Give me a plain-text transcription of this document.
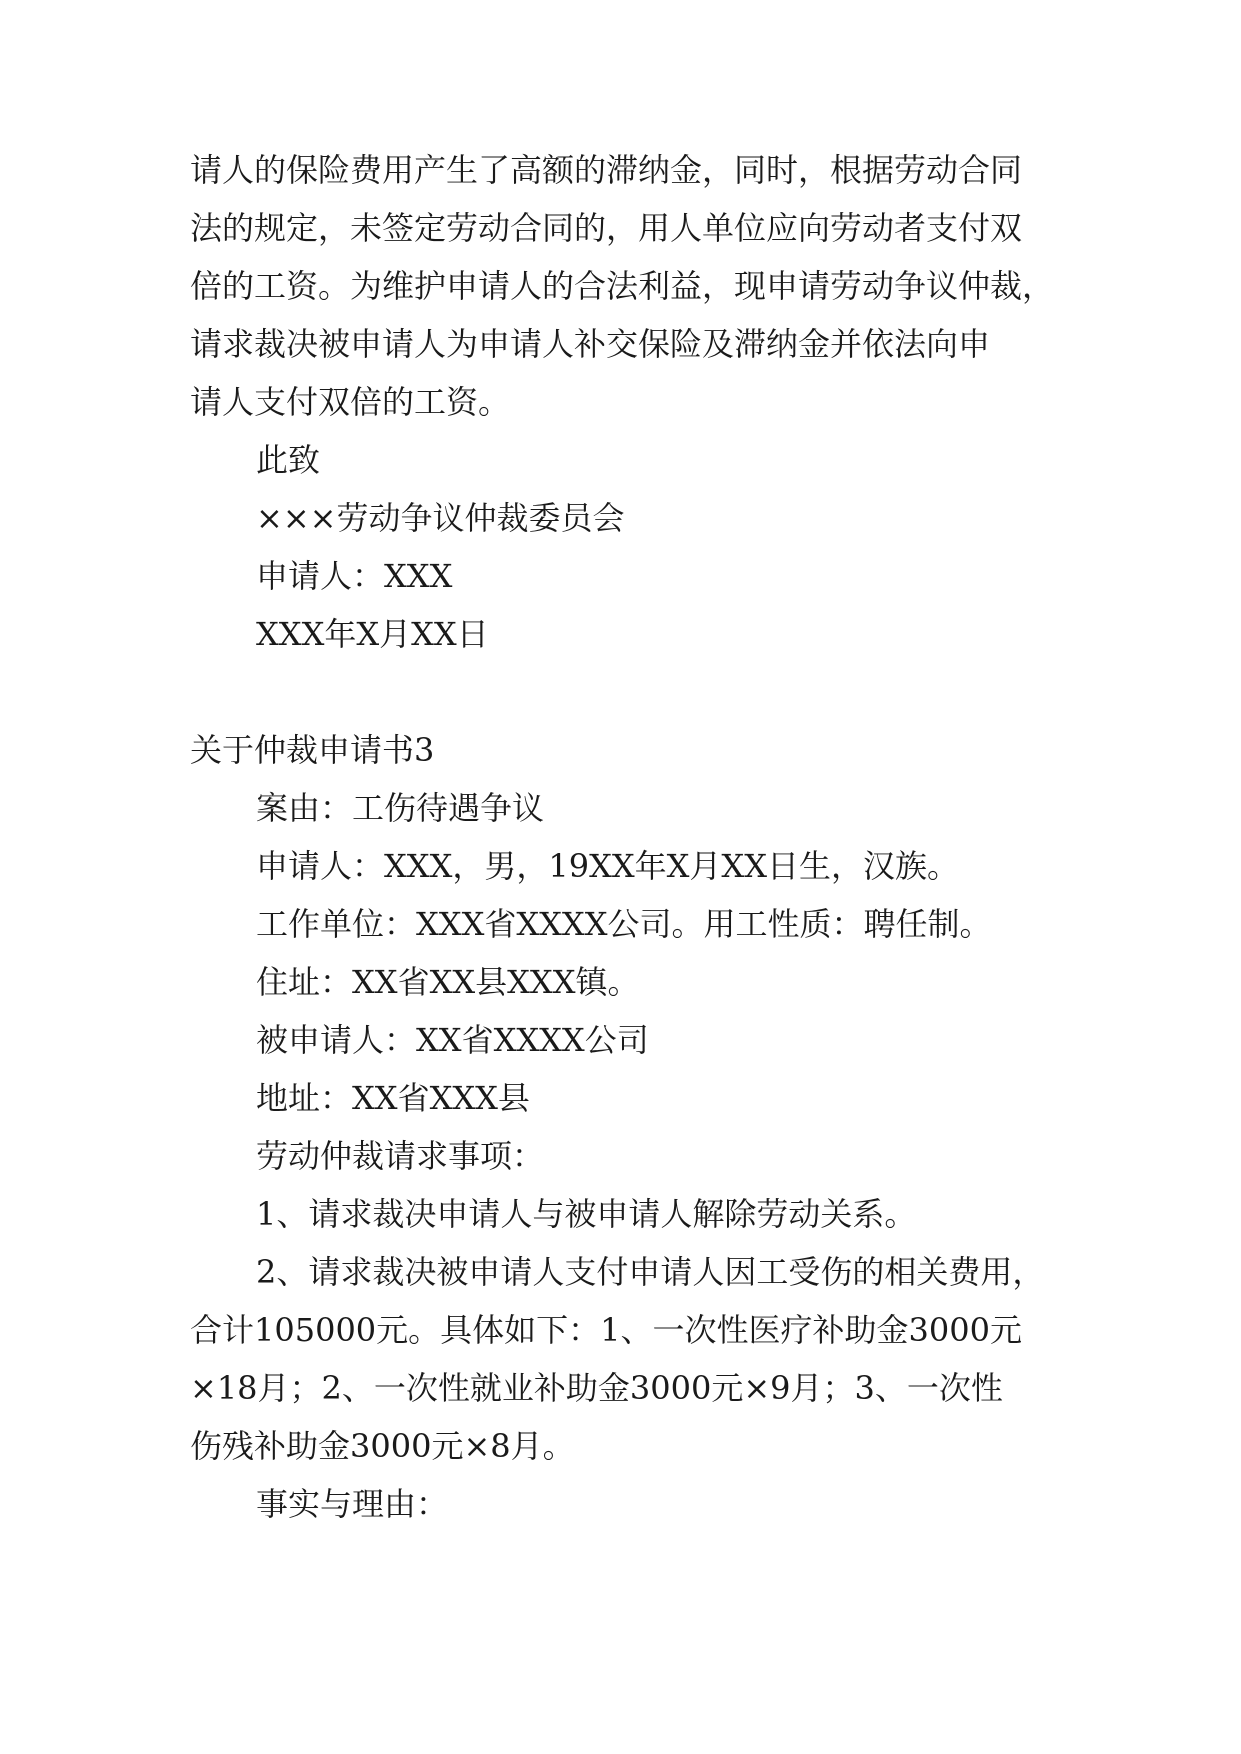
请人的保险费用产生了高额的滞纳金，同时，根据劳动合同

法的规定，未签定劳动合同的，用人单位应向劳动者支付双

倍的工资。为维护申请人的合法利益，现申请劳动争议仲裁，

请求裁决被申请人为申请人补交保险及滞纳金并依法向申

请人支付双倍的工资。

此致

×××劳动争议仲裁委员会

申请人：XXX

XXX年X月XX日

关于仲裁申请书3

案由：工伤待遇争议

申请人：XXX，男，19XX年X月XX日生，汉族。

工作单位：XXX省XXXX公司。用工性质：聘任制。

住址：XX省XX县XXX镇。

被申请人：XX省XXXX公司

地址：XX省XXX县

劳动仲裁请求事项：

1、请求裁决申请人与被申请人解除劳动关系。

2、请求裁决被申请人支付申请人因工受伤的相关费用，

合计105000元。具体如下：1、一次性医疗补助金3000元

×18月；2、一次性就业补助金3000元×9月；3、一次性

伤残补助金3000元×8月。

事实与理由：
